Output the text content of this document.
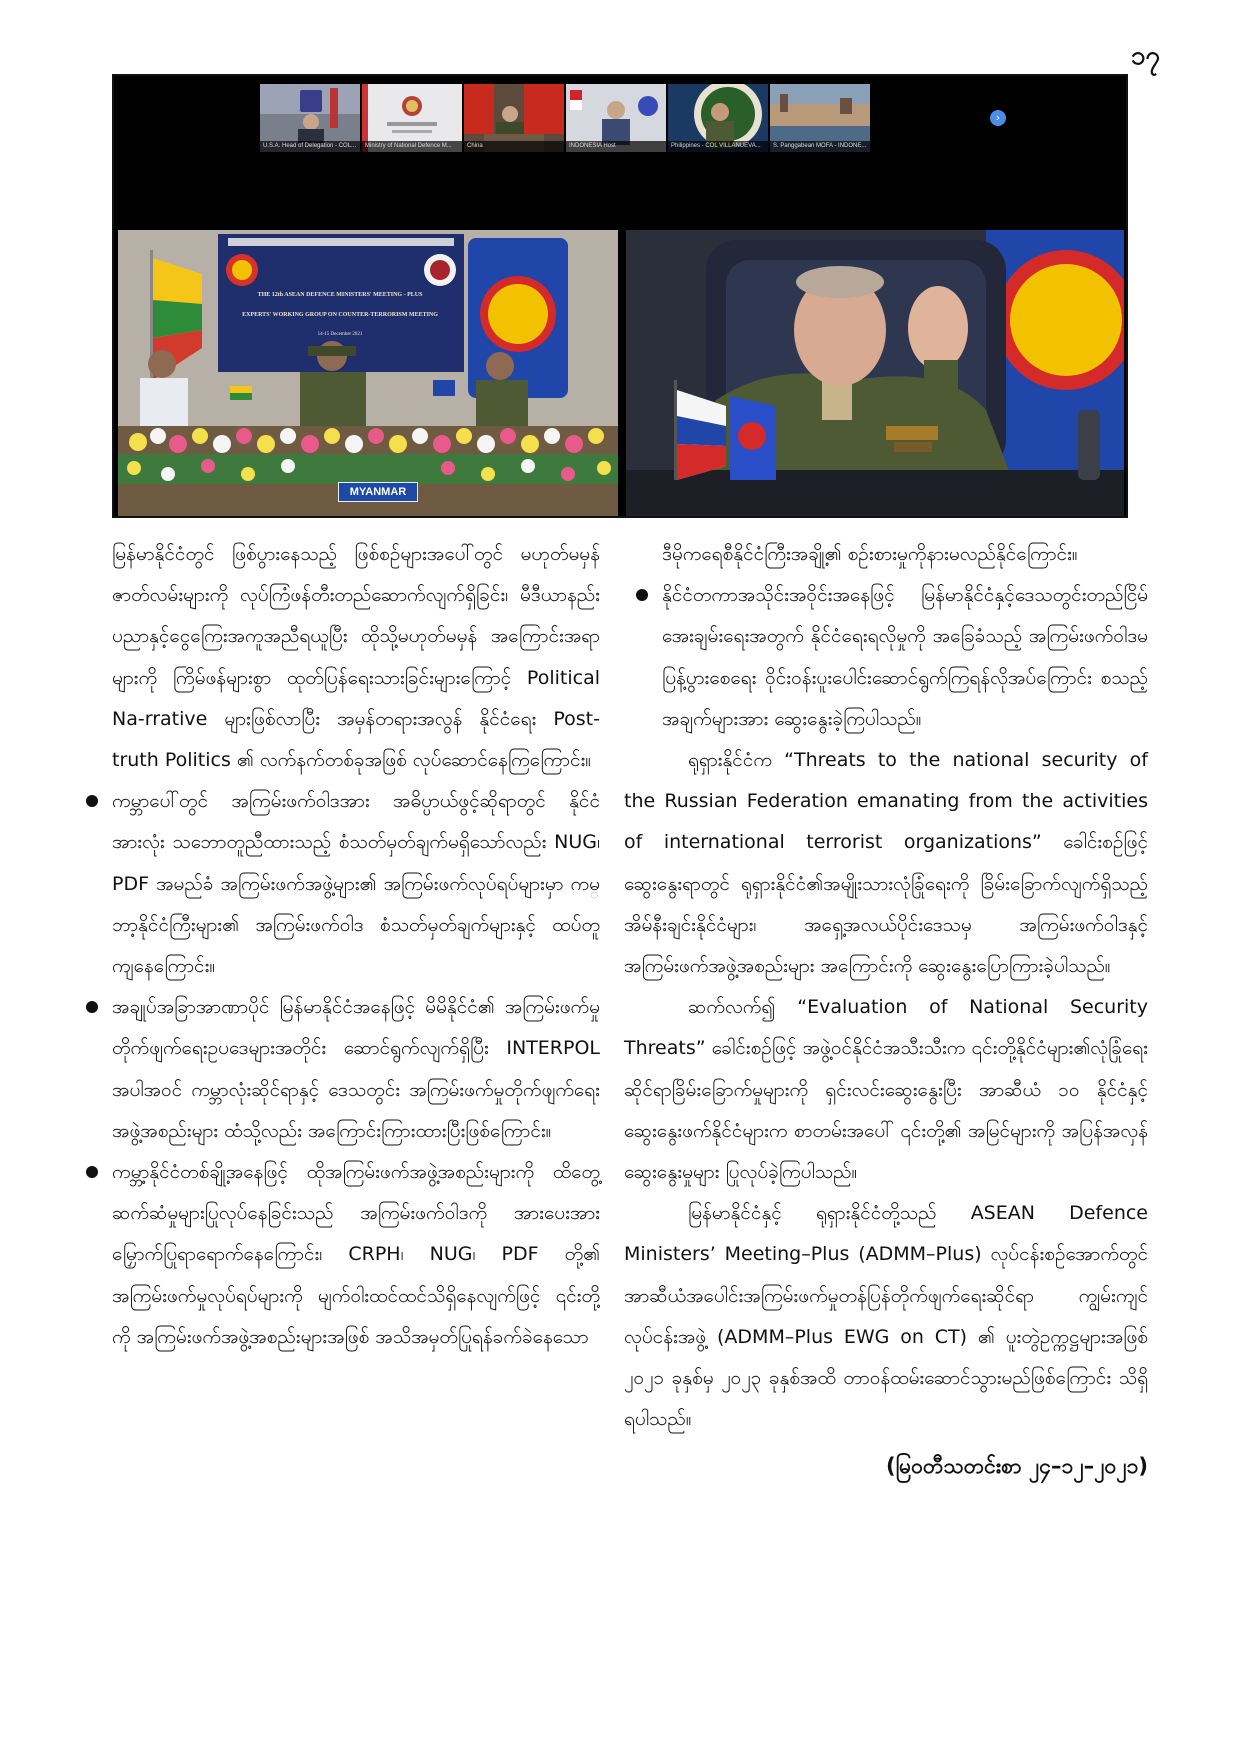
၁၇
U.S.A. Head of Delegation - COL...	Ministry of National Defence M...	China	INDONESIA Host	Philippines - COL VILLANUEVA...	S. Panggabean MOFA - INDONE...
›
THE 12th ASEAN DEFENCE MINISTERS' MEETING - PLUS
EXPERTS' WORKING GROUP ON COUNTER-TERRORISM MEETING
14-15 December 2021
MYANMAR

မြန်မာနိုင်ငံတွင် ဖြစ်ပွားနေသည့် ဖြစ်စဉ်များအပေါ်တွင် မဟုတ်မမှန်ဇာတ်လမ်းများကို လုပ်ကြံဖန်တီးတည်ဆောက်လျက်ရှိခြင်း၊ မီဒီယာနည်းပညာနှင့်ငွေကြေးအကူအညီရယူပြီး ထိုသို့မဟုတ်မမှန် အကြောင်းအရာများကို ကြိမ်ဖန်များစွာ ထုတ်ပြန်ရေးသားခြင်းများကြောင့် Political Na-rrative များဖြစ်လာပြီး အမှန်တရားအလွန် နိုင်ငံရေး Post-truth Politics ၏ လက်နက်တစ်ခုအဖြစ် လုပ်ဆောင်နေကြကြောင်း။

ကမ္ဘာပေါ်တွင် အကြမ်းဖက်ဝါဒအား အဓိပ္ပာယ်ဖွင့်ဆိုရာတွင် နိုင်ငံအားလုံး သဘောတူညီထားသည့် စံသတ်မှတ်ချက်မရှိသော်လည်း NUG၊ PDF အမည်ခံ အကြမ်းဖက်အဖွဲ့များ၏ အကြမ်းဖက်လုပ်ရပ်များမှာ ကမ္ဘာ့နိုင်ငံကြီးများ၏ အကြမ်းဖက်ဝါဒ စံသတ်မှတ်ချက်များနှင့် ထပ်တူကျနေကြောင်း။
အချုပ်အခြာအာဏာပိုင် မြန်မာနိုင်ငံအနေဖြင့် မိမိနိုင်ငံ၏ အကြမ်းဖက်မှုတိုက်ဖျက်ရေးဥပဒေများအတိုင်း ဆောင်ရွက်လျက်ရှိပြီး INTERPOL အပါအဝင် ကမ္ဘာလုံးဆိုင်ရာနှင့် ဒေသတွင်း အကြမ်းဖက်မှုတိုက်ဖျက်ရေးအဖွဲ့အစည်းများ ထံသို့လည်း အကြောင်းကြားထားပြီးဖြစ်ကြောင်း။
ကမ္ဘာ့နိုင်ငံတစ်ချို့အနေဖြင့် ထိုအကြမ်းဖက်အဖွဲ့အစည်းများကို ထိတွေ့ဆက်ဆံမှုများပြုလုပ်နေခြင်းသည် အကြမ်းဖက်ဝါဒကို အားပေးအားမြှောက်ပြုရာရောက်နေကြောင်း၊ CRPH၊ NUG၊ PDF တို့၏ အကြမ်းဖက်မှုလုပ်ရပ်များကို မျက်ဝါးထင်ထင်သိရှိနေလျက်ဖြင့် ၎င်းတို့ကို အကြမ်းဖက်အဖွဲ့အစည်းများအဖြစ် အသိအမှတ်ပြုရန်ခက်ခဲနေသော

ဒီမိုကရေစီနိုင်ငံကြီးအချို့၏ စဉ်းစားမှုကိုနားမလည်နိုင်ကြောင်း။

နိုင်ငံတကာအသိုင်းအဝိုင်းအနေဖြင့် မြန်မာနိုင်ငံနှင့်ဒေသတွင်းတည်ငြိမ် အေးချမ်းရေးအတွက် နိုင်ငံရေးရလိုမှုကို အခြေခံသည့် အကြမ်းဖက်ဝါဒမပြန့်ပွားစေရေး ဝိုင်းဝန်းပူးပေါင်းဆောင်ရွက်ကြရန်လိုအပ်ကြောင်း စသည့်အချက်များအား ဆွေးနွေးခဲ့ကြပါသည်။

ရုရှားနိုင်ငံက “Threats to the national security of the Russian Federation emanating from the activities of international terrorist organizations” ခေါင်းစဉ်ဖြင့် ဆွေးနွေးရာတွင် ရုရှားနိုင်ငံ၏အမျိုးသားလုံခြုံရေးကို ခြိမ်းခြောက်လျက်ရှိသည့် အိမ်နီးချင်းနိုင်ငံများ၊ အရှေ့အလယ်ပိုင်းဒေသမှ အကြမ်းဖက်ဝါဒနှင့် အကြမ်းဖက်အဖွဲ့အစည်းများ အကြောင်းကို ဆွေးနွေးပြောကြားခဲ့ပါသည်။

ဆက်လက်၍ “Evaluation of National Security Threats” ခေါင်းစဉ်ဖြင့် အဖွဲ့ဝင်နိုင်ငံအသီးသီးက ၎င်းတို့နိုင်ငံများ၏လုံခြုံရေးဆိုင်ရာခြိမ်းခြောက်မှုများကို ရှင်းလင်းဆွေးနွေးပြီး အာဆီယံ ၁၀ နိုင်ငံနှင့် ဆွေးနွေးဖက်နိုင်ငံများက စာတမ်းအပေါ် ၎င်းတို့၏ အမြင်များကို အပြန်အလှန်ဆွေးနွေးမှုများ ပြုလုပ်ခဲ့ကြပါသည်။

မြန်မာနိုင်ငံနှင့် ရုရှားနိုင်ငံတို့သည် ASEAN Defence Ministers’ Meeting–Plus (ADMM–Plus) လုပ်ငန်းစဉ်အောက်တွင် အာဆီယံအပေါင်းအကြမ်းဖက်မှုတန်ပြန်တိုက်ဖျက်ရေးဆိုင်ရာ ကျွမ်းကျင်လုပ်ငန်းအဖွဲ့ (ADMM–Plus EWG on CT) ၏ ပူးတွဲဥက္ကဋ္ဌများအဖြစ် ၂၀၂၁ ခုနှစ်မှ ၂၀၂၃ ခုနှစ်အထိ တာဝန်ထမ်းဆောင်သွားမည်ဖြစ်ကြောင်း သိရှိရပါသည်။

(မြဝတီသတင်းစာ ၂၄–၁၂–၂၀၂၁)
